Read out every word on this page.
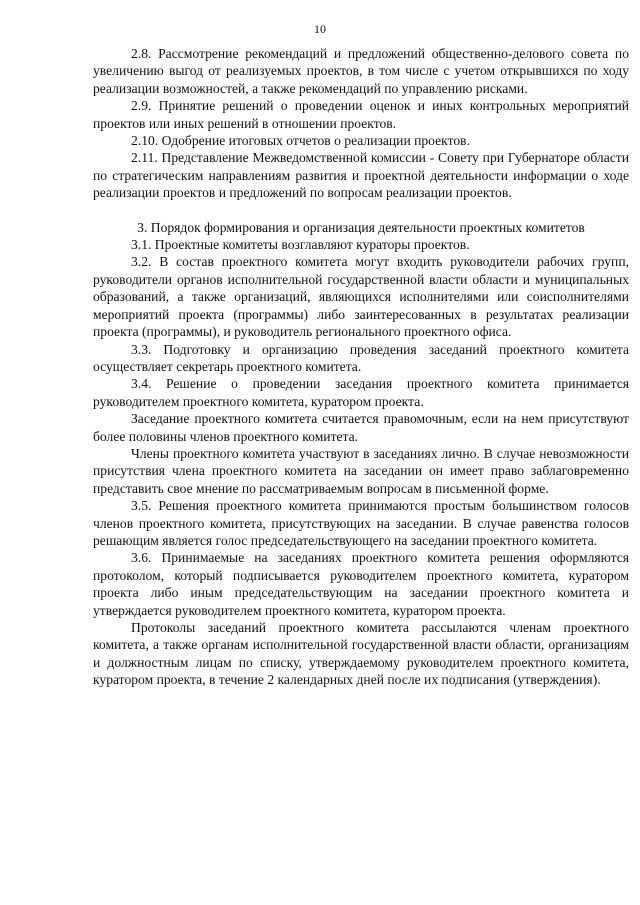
10

2.8. Рассмотрение рекомендаций и предложений общественно-делового совета по увеличению выгод от реализуемых проектов, в том числе с учетом открывшихся по ходу реализации возможностей, а также рекомендаций по управлению рисками.

2.9. Принятие решений о проведении оценок и иных контрольных мероприятий проектов или иных решений в отношении проектов.

2.10. Одобрение итоговых отчетов о реализации проектов.

2.11. Представление Межведомственной комиссии - Совету при Губернаторе области по стратегическим направлениям развития и проектной деятельности информации о ходе реализации проектов и предложений по вопросам реализации проектов.

3. Порядок формирования и организация деятельности проектных комитетов

3.1. Проектные комитеты возглавляют кураторы проектов.

3.2. В состав проектного комитета могут входить руководители рабочих групп, руководители органов исполнительной государственной власти области и муниципальных образований, а также организаций, являющихся исполнителями или соисполнителями мероприятий проекта (программы) либо заинтересованных в результатах реализации проекта (программы), и руководитель регионального проектного офиса.

3.3. Подготовку и организацию проведения заседаний проектного комитета осуществляет секретарь проектного комитета.

3.4. Решение о проведении заседания проектного комитета принимается руководителем проектного комитета, куратором проекта.

Заседание проектного комитета считается правомочным, если на нем присутствуют более половины членов проектного комитета.

Члены проектного комитета участвуют в заседаниях лично. В случае невозможности присутствия члена проектного комитета на заседании он имеет право заблаговременно представить свое мнение по рассматриваемым вопросам в письменной форме.

3.5. Решения проектного комитета принимаются простым большинством голосов членов проектного комитета, присутствующих на заседании. В случае равенства голосов решающим является голос председательствующего на заседании проектного комитета.

3.6. Принимаемые на заседаниях проектного комитета решения оформляются протоколом, который подписывается руководителем проектного комитета, куратором проекта либо иным председательствующим на заседании проектного комитета и утверждается руководителем проектного комитета, куратором проекта.

Протоколы заседаний проектного комитета рассылаются членам проектного комитета, а также органам исполнительной государственной власти области, организациям и должностным лицам по списку, утверждаемому руководителем проектного комитета, куратором проекта, в течение 2 календарных дней после их подписания (утверждения).
